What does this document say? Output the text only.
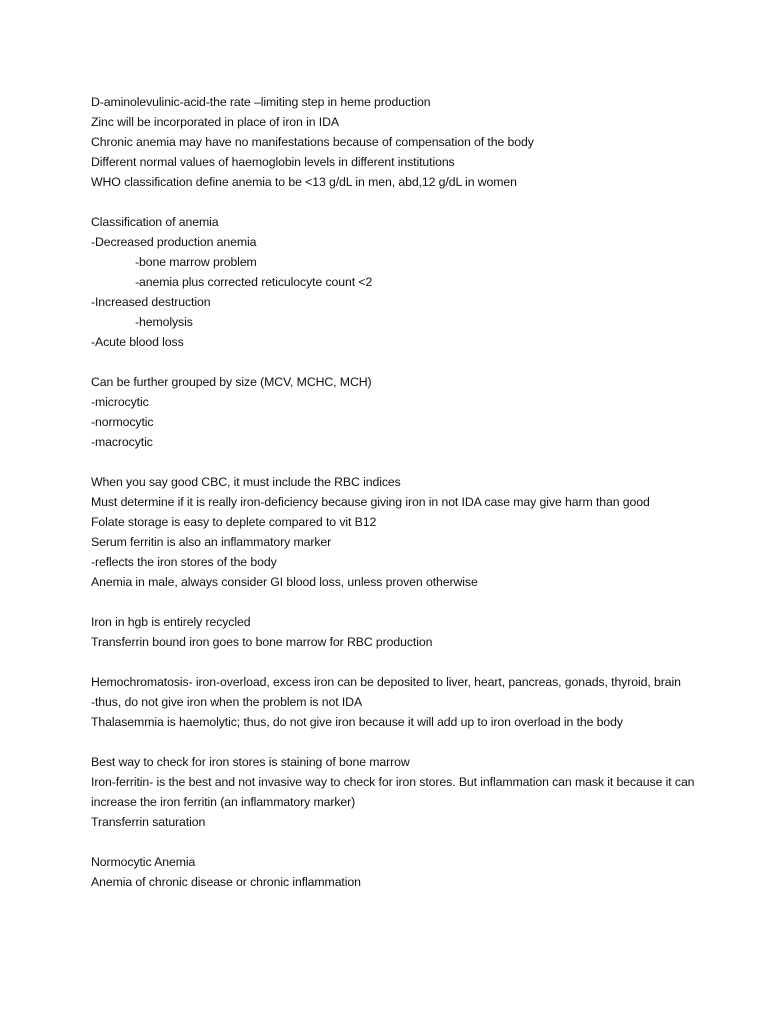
D-aminolevulinic-acid-the rate –limiting step in heme production
Zinc will be incorporated in place of iron in IDA
Chronic anemia may have no manifestations because of compensation of the body
Different normal values of haemoglobin levels in different institutions
WHO classification define anemia to be <13 g/dL in men, abd,12 g/dL in women
Classification of anemia
-Decreased production anemia
-bone marrow problem
-anemia plus corrected reticulocyte count <2
-Increased destruction
-hemolysis
-Acute blood loss
Can be further grouped by size (MCV, MCHC, MCH)
-microcytic
-normocytic
-macrocytic
When you say good CBC, it must include the RBC indices
Must determine if it is really iron-deficiency because giving iron in not IDA case may give harm than good
Folate storage is easy to deplete compared to vit B12
Serum ferritin is also an inflammatory marker
-reflects the iron stores of the body
Anemia in male, always consider GI blood loss, unless proven otherwise
Iron in hgb is entirely recycled
Transferrin bound iron goes to bone marrow for RBC production
Hemochromatosis- iron-overload, excess iron can be deposited to liver, heart, pancreas, gonads, thyroid, brain
-thus, do not give iron when the problem is not IDA
Thalasemmia is haemolytic; thus, do not give iron because it will add up to iron overload in the body
Best way to check for iron stores is staining of bone marrow
Iron-ferritin- is the best and not invasive way to check for iron stores. But inflammation can mask it because it can increase the iron ferritin (an inflammatory marker)
Transferrin saturation
Normocytic Anemia
Anemia of chronic disease or chronic inflammation
